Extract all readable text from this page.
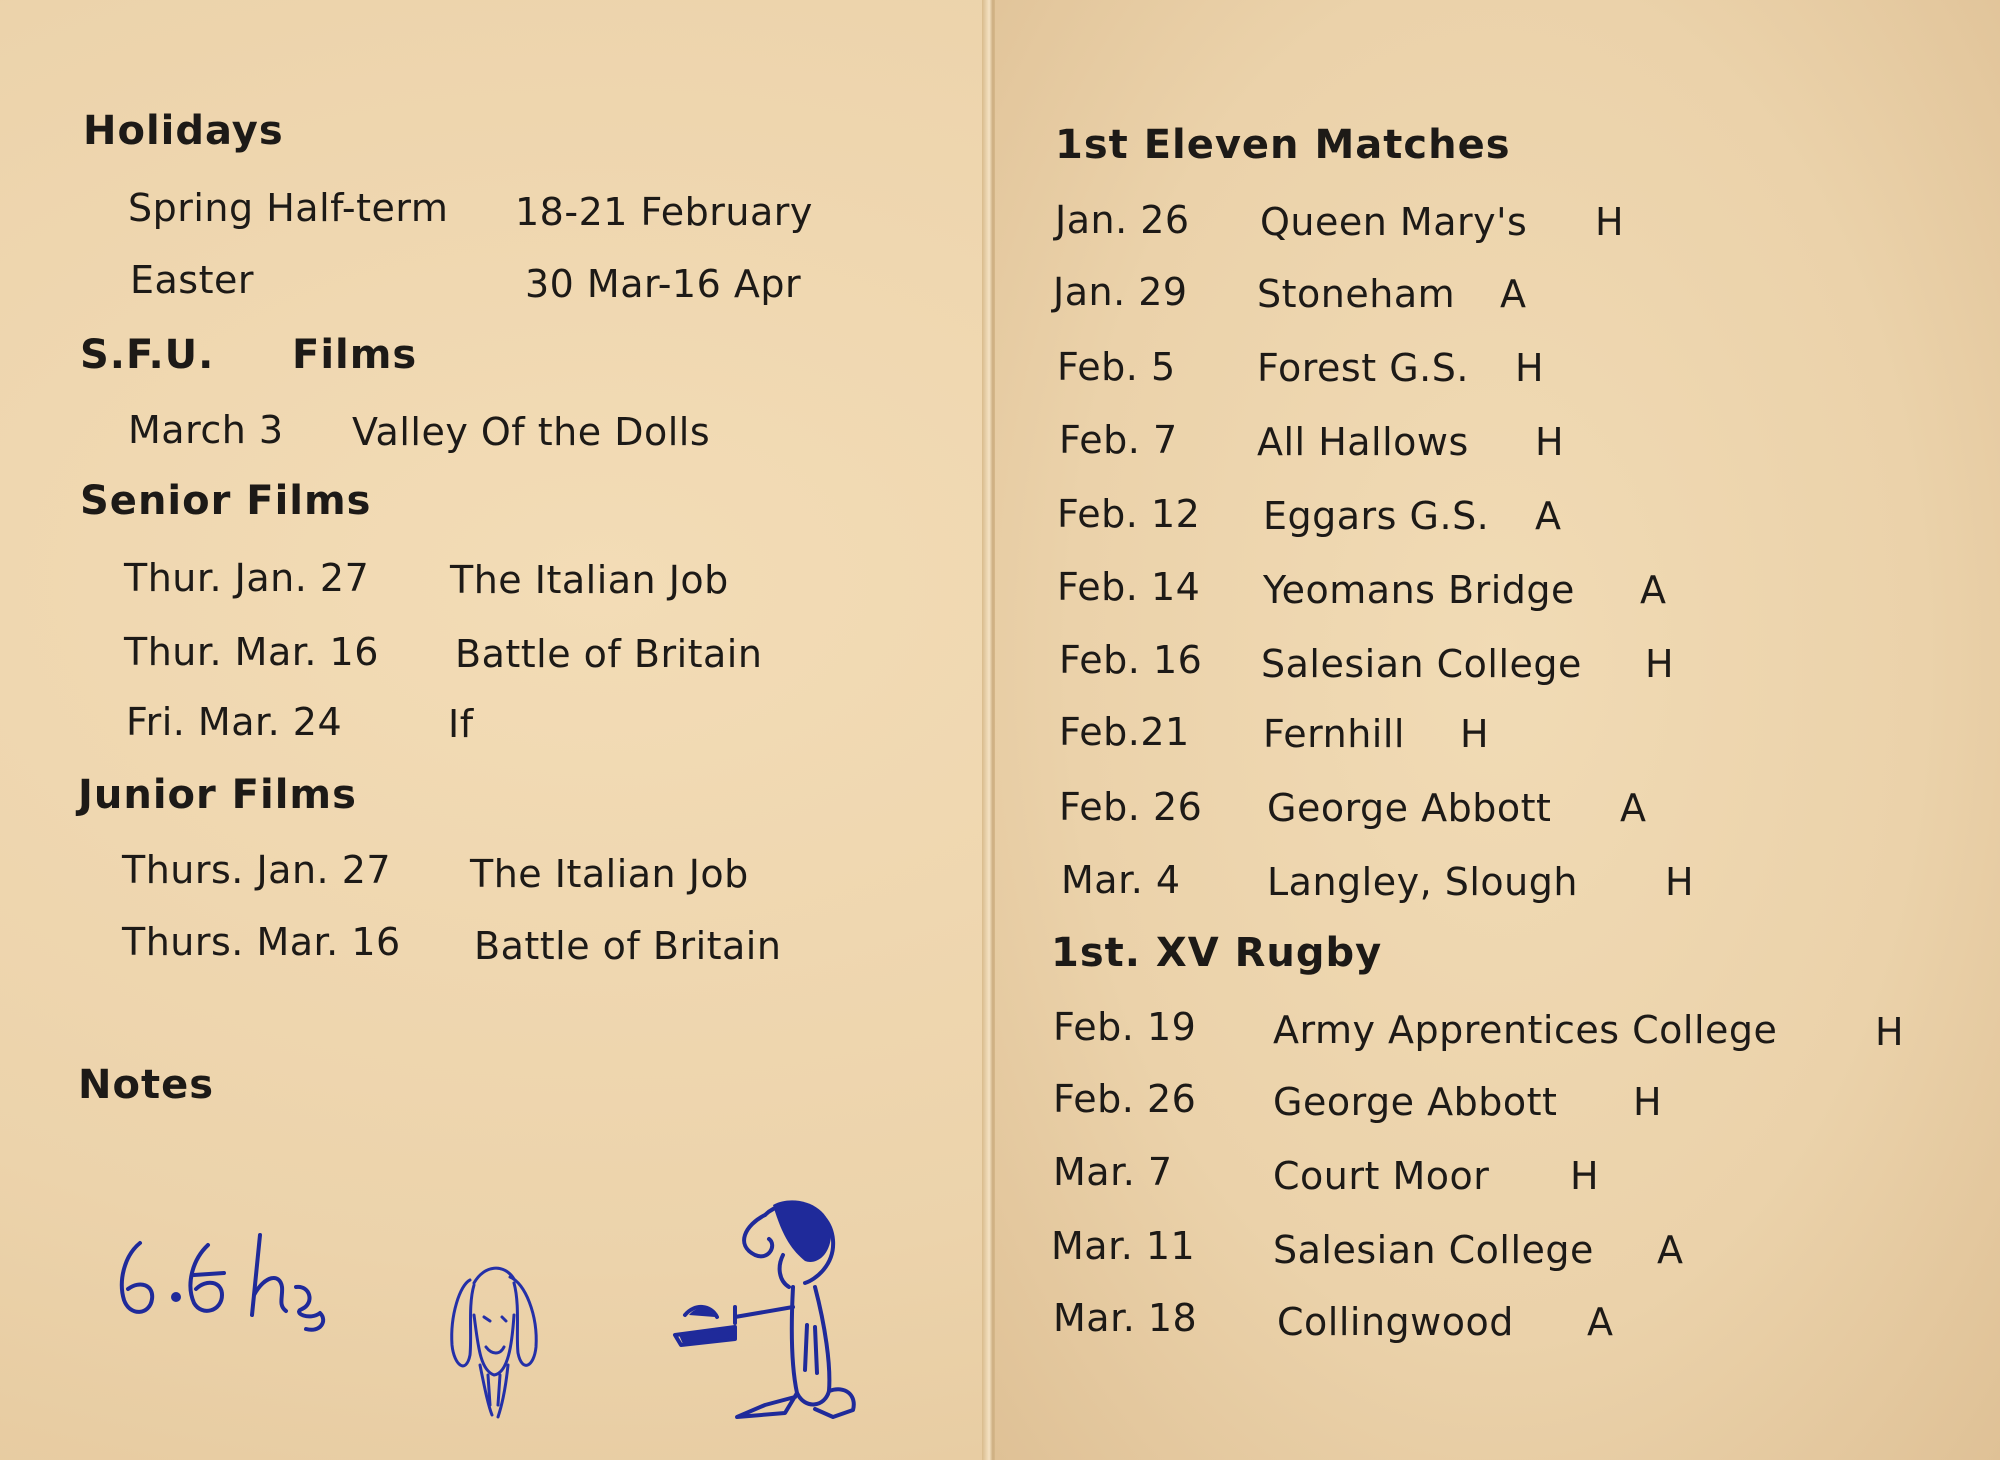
Holidays
Spring Half-term 18-21 February
Easter	30 Mar-16 Apr
S.F.U. Films
March 3 Valley Of the Dolls
Senior Films
Thur. Jan. 27 The Italian Job
Thur. Mar. 16 Battle of Britain
Fri. Mar. 24	If
Junior Films
Thurs. Jan. 27 The Italian Job
Thurs. Mar. 16 Battle of Britain
Notes
1st Eleven Matches
Jan. 26 Queen Mary's H
Jan. 29 Stoneham A
Feb. 5 Forest G.S. H
Feb. 7 All Hallows H
Feb. 12 Eggars G.S. A
Feb. 14 Yeomans Bridge A
Feb. 16 Salesian College H
Feb.21 Fernhill H
Feb. 26 George Abbott A
Mar. 4 Langley, Slough H
1st. XV Rugby
Feb. 19 Army Apprentices College	H
Feb. 26 George Abbott H
Mar. 7	Court Moor H
Mar. 11 Salesian College A
Mar. 18 Collingwood A
